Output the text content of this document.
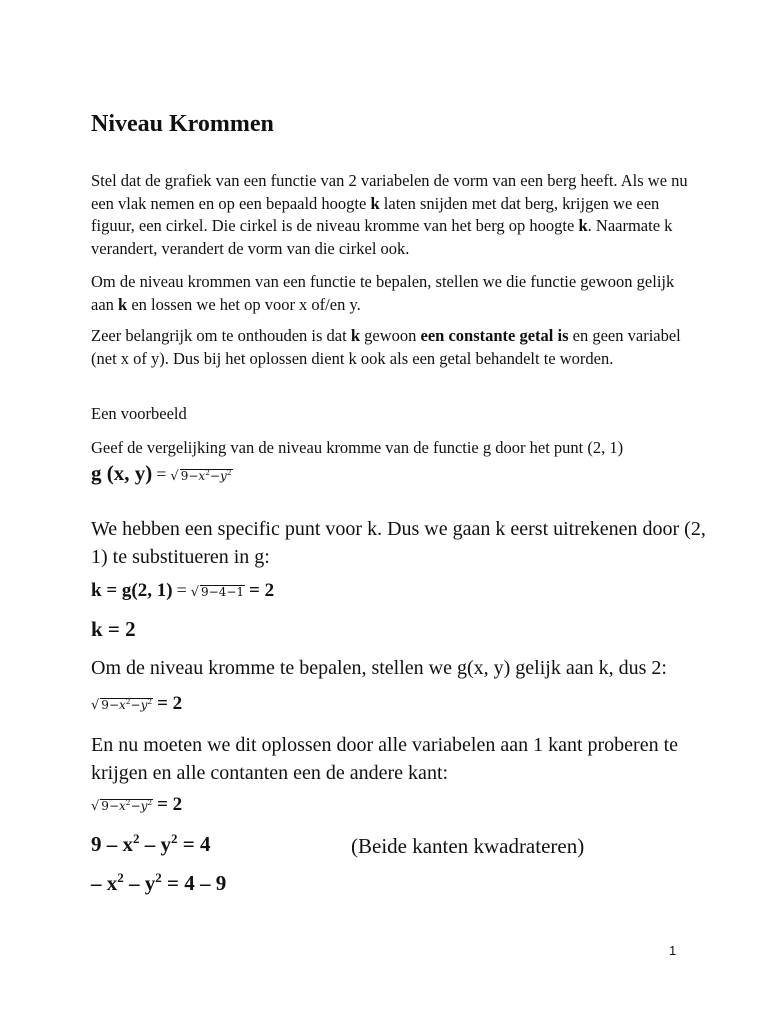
Niveau Krommen

Stel dat de grafiek van een functie van 2 variabelen de vorm van een berg heeft. Als we nu een vlak nemen en op een bepaald hoogte k laten snijden met dat berg, krijgen we een figuur, een cirkel. Die cirkel is de niveau kromme van het berg op hoogte k. Naarmate k verandert, verandert de vorm van die cirkel ook.

Om de niveau krommen van een functie te bepalen, stellen we die functie gewoon gelijk aan k en lossen we het op voor x of/en y.

Zeer belangrijk om te onthouden is dat k gewoon een constante getal is en geen variabel (net x of y). Dus bij het oplossen dient k ook als een getal behandelt te worden.

Een voorbeeld

Geef de vergelijking van de niveau kromme van de functie g door het punt (2, 1)

g (x, y) = √ $9-x^2-y^2$

We hebben een specific punt voor k. Dus we gaan k eerst uitrekenen door (2, 1) te substitueren in g:

k = g(2, 1) = √ 9−4−1 = 2
k = 2

Om de niveau kromme te bepalen, stellen we g(x, y) gelijk aan k, dus 2:

√ $9-x^2-y^2 = 2$

En nu moeten we dit oplossen door alle variabelen aan 1 kant proberen te krijgen en alle contanten een de andere kant:

√ $9-x^2-y^2 = 2$
$9 - x^2 - y^2 = 4$	(Beide kanten kwadrateren)
– $x^2 - y^2 = 4 - 9$
1
